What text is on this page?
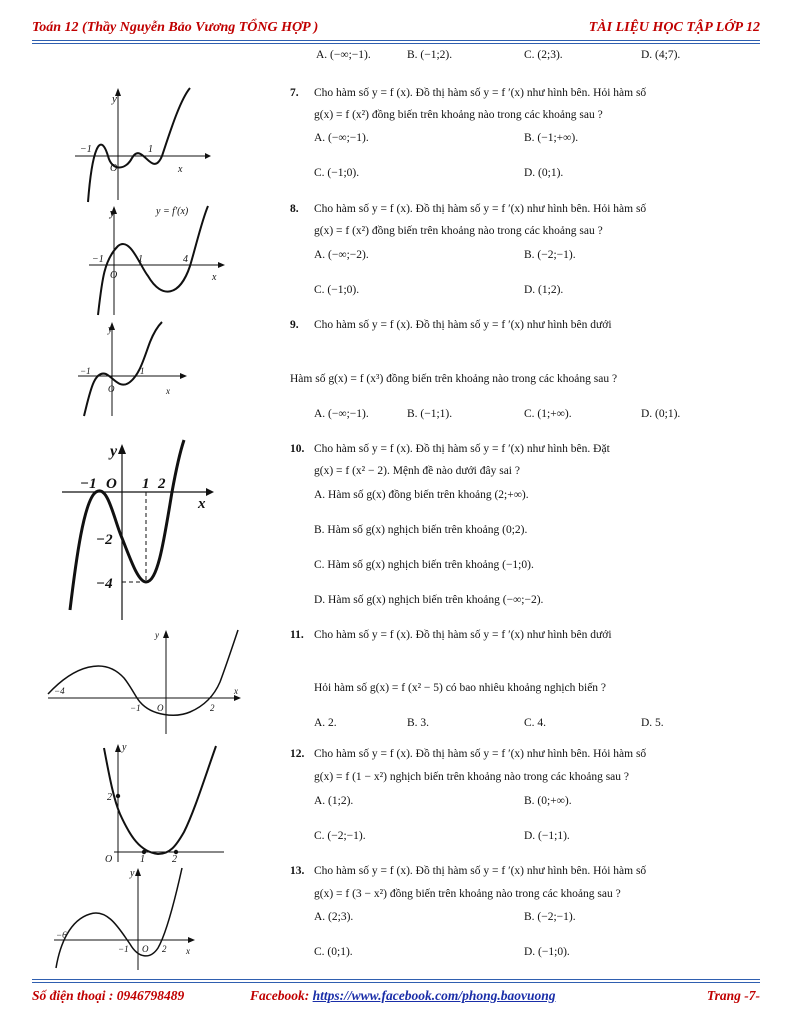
Toán 12 (Thầy Nguyễn Bảo Vương TỔNG HỢP )	TÀI LIỆU HỌC TẬP LỚP 12
A. (−∞;−1).	B. (−1;2).	C. (2;3).	D. (4;7).
y
x
O
−1	1
7. Cho hàm số y = f (x). Đồ thị hàm số y = f ′(x) như hình bên. Hỏi hàm số
g(x) = f (x²) đồng biến trên khoảng nào trong các khoảng sau ?
A. (−∞;−1).	B. (−1;+∞).
C. (−1;0).	D. (0;1).
y
x
O
−1	1	4
y = f′(x)	8. Cho hàm số y = f (x). Đồ thị hàm số y = f ′(x) như hình bên. Hỏi hàm số
g(x) = f (x²) đồng biến trên khoảng nào trong các khoảng sau ?
A. (−∞;−2).	B. (−2;−1).
C. (−1;0).	D. (1;2).
y
x
O
−1	1
9. Cho hàm số y = f (x). Đồ thị hàm số y = f ′(x) như hình bên dưới
Hàm số g(x) = f (x³) đồng biến trên khoảng nào trong các khoảng sau ?
A. (−∞;−1).	B. (−1;1).	C. (1;+∞).	D. (0;1).
y
x
O
−1	1 2
−2
−4
10. Cho hàm số y = f (x). Đồ thị hàm số y = f ′(x) như hình bên. Đặt
g(x) = f (x² − 2). Mệnh đề nào dưới đây sai ?
A. Hàm số g(x) đồng biến trên khoảng (2;+∞).
B. Hàm số g(x) nghịch biến trên khoảng (0;2).
C. Hàm số g(x) nghịch biến trên khoảng (−1;0).
D. Hàm số g(x) nghịch biến trên khoảng (−∞;−2).
y
x
−4
−1 O	2
11. Cho hàm số y = f (x). Đồ thị hàm số y = f ′(x) như hình bên dưới
Hỏi hàm số g(x) = f (x² − 5) có bao nhiêu khoảng nghịch biến ?
A. 2.	B. 3.	C. 4.	D. 5.
y
O
2
1	2
12. Cho hàm số y = f (x). Đồ thị hàm số y = f ′(x) như hình bên. Hỏi hàm số
g(x) = f (1 − x²) nghịch biến trên khoảng nào trong các khoảng sau ?
A. (1;2).	B. (0;+∞).
C. (−2;−1).	D. (−1;1).
y
x
−6
−1 O 2
13. Cho hàm số y = f (x). Đồ thị hàm số y = f ′(x) như hình bên. Hỏi hàm số
g(x) = f (3 − x²) đồng biến trên khoảng nào trong các khoảng sau ?
A. (2;3).	B. (−2;−1).
C. (0;1).	D. (−1;0).
Số điện thoại : 0946798489	Facebook: https://www.facebook.com/phong.baovuong	Trang -7-
